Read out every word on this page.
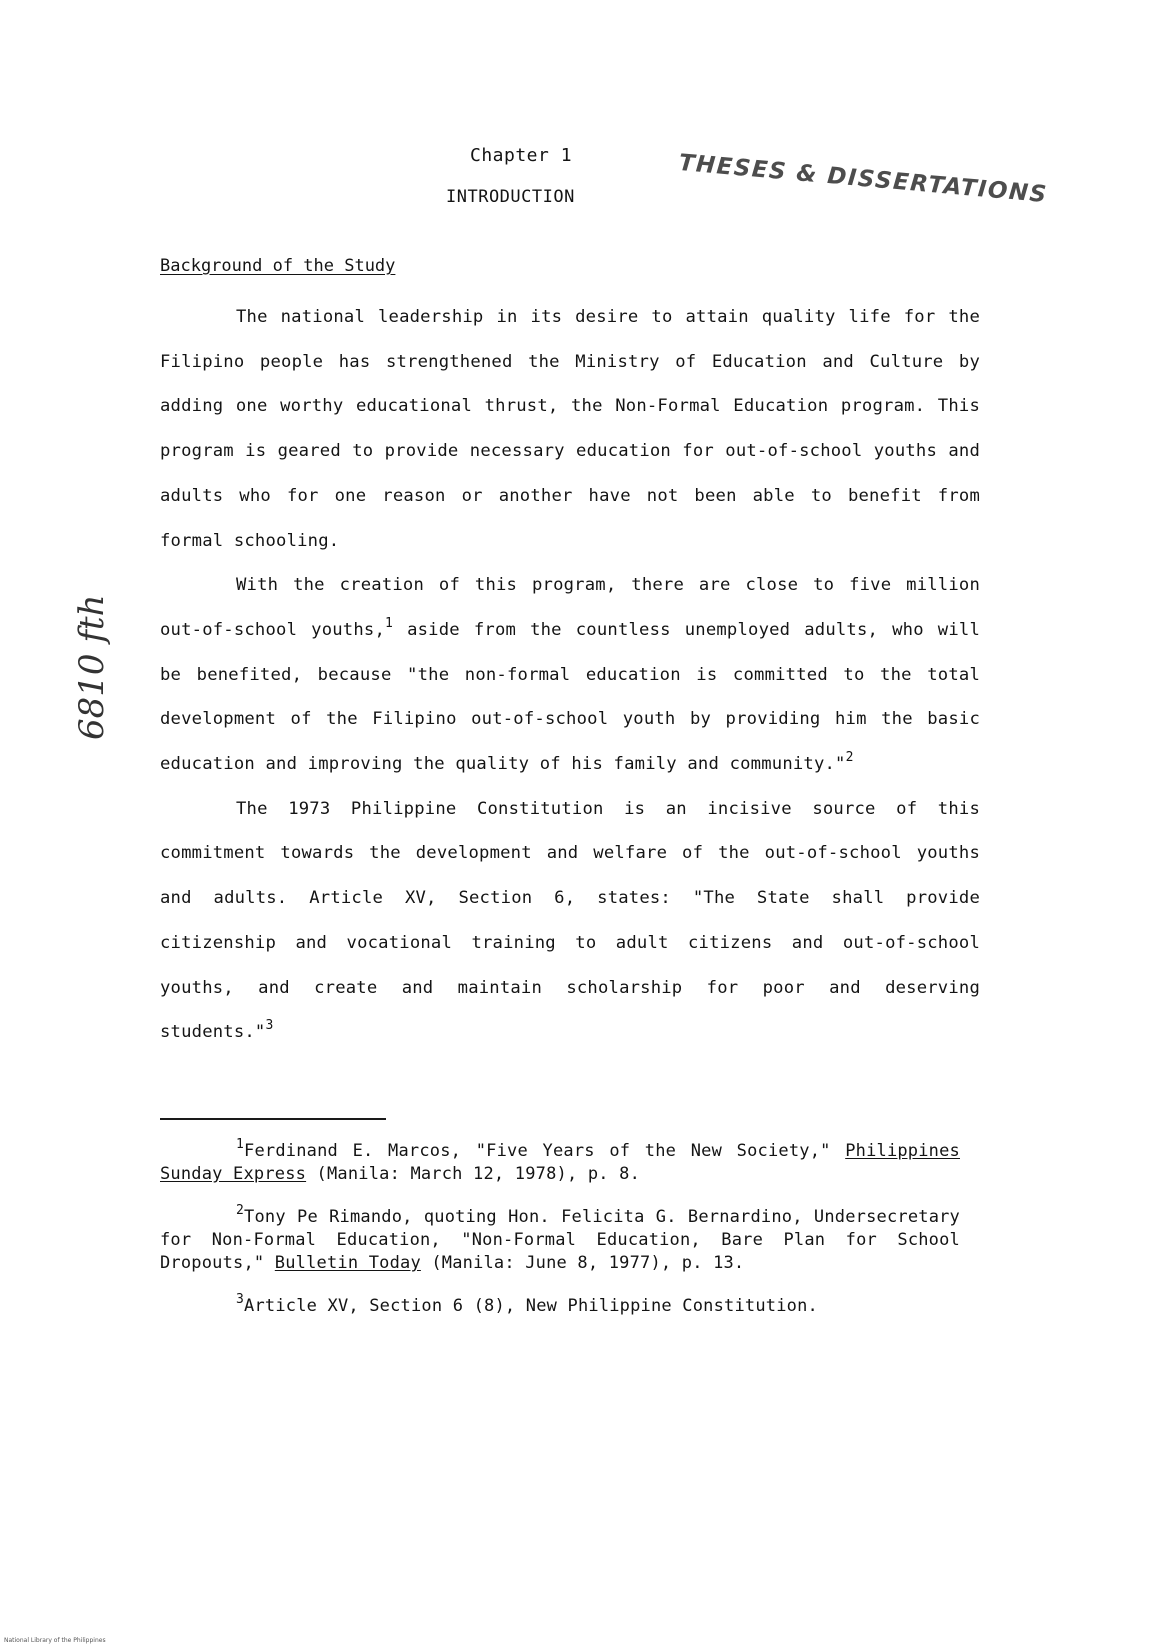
Chapter 1
INTRODUCTION	THESES & DISSERTATIONS
6810 fth
Background of the Study

The national leadership in its desire to attain quality life for the Filipino people has strengthened the Ministry of Education and Culture by adding one worthy educational thrust, the Non-Formal Education program. This program is geared to provide necessary education for out-of-school youths and adults who for one reason or another have not been able to benefit from formal schooling.

With the creation of this program, there are close to five million out-of-school youths,$^1$ aside from the countless unemployed adults, who will be benefited, because "the non-formal education is committed to the total development of the Filipino out-of-school youth by providing him the basic education and improving the quality of his family and community."$^2$

The 1973 Philippine Constitution is an incisive source of this commitment towards the development and welfare of the out-of-school youths and adults. Article XV, Section 6, states: "The State shall provide citizenship and vocational training to adult citizens and out-of-school youths, and create and maintain scholarship for poor and deserving students."$^3$

$^1$Ferdinand E. Marcos, "Five Years of the New Society," Philippines Sunday Express (Manila: March 12, 1978), p. 8.

$^2$Tony Pe Rimando, quoting Hon. Felicita G. Bernardino, Undersecretary for Non-Formal Education, "Non-Formal Education, Bare Plan for School Dropouts," Bulletin Today (Manila: June 8, 1977), p. 13.

$^3$Article XV, Section 6 (8), New Philippine Constitution.

National Library of the Philippines
